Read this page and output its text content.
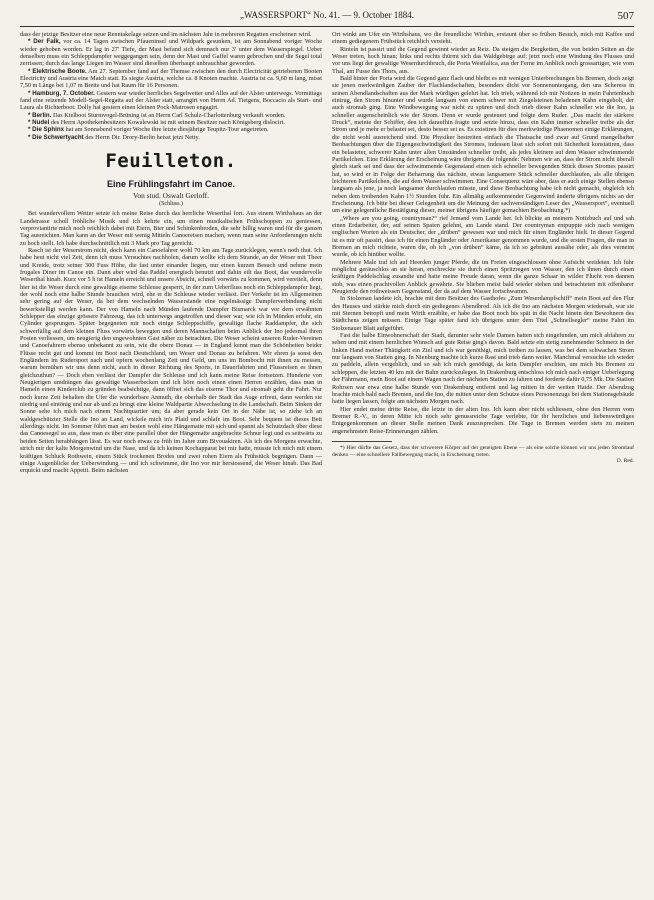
„WASSERSPORT“ No. 41. — 9. October 1884.	507

dass der jetzige Besitzer eine neue Renntakelage setzen und im nächsten Jahr in mehreren Regatten erscheinen wird.

* Der Falk, vor ca. 14 Tagen zwischen Pfaueninsel und Wildpark gesunken, ist am Sonnabend voriger Woche wieder gehoben worden. Er lag in 27′ Tiefe, der Mast befand sich demnach nur 3′ unter dem Wasserspiegel. Ueber denselben muss ein Schleppdampfer weggegangen sein, denn der Mast und Gaffel waren gebrochen und die Segel total zerrissen; durch das lange Liegen im Wasser sind dieselben überhaupt unbrauchbar geworden.

* Elektrische Boote. Am 27. September fand auf der Themse zwischen den durch Electricität getriebenen Booten Electricity und Austria eine Match statt. Es siegte Austria, welche ca. 8 Knoten machte. Austria ist ca. 9,60 m lang, misst 7,50 m Länge bei 1,07 m Breite und hat Raum für 16 Personen.

* Hamburg, 7. October. Gestern war wieder herrliches Segelwetter und Alles auf der Alster unterwegs. Vormittags fand eine reizende Modell-Segel-Regatta auf der Alster statt, arrangirt von Herrn Ad. Tietgens, Boccacio als Start- und Laura als Richterboot. Dolly hat gestern einen kleinen Pock-Matrosen engagirt.

* Berlin. Das Kielboot Sturmvogel-Brüning ist an Herrn Carl Schulz-Charlottenburg verkauft worden.

* Nudel des Herrn Apothekenbesitzers Kowalewski ist mit seinem Besitzer nach Königsberg dislocirt.

* Die Sphinx hat am Sonnabend voriger Woche ihre letzte diesjährige Teupitz-Tour angetreten.

* Die Schwertyacht des Herrn Dir. Drory-Berlin heisst jetzt Netty.

Feuilleton.
Eine Frühlingsfahrt im Canoe.
Von stud. Oswalt Gerloff.
(Schluss.)

Bei wundervollem Wetter setzte ich meine Reise durch das herrliche Weserthal fort. Aus einem Wirthshaus an der Landstrasse scholl fröhliche Musik und ich kehrte ein, um einen musikalischen Frühschoppen zu geniessen, verproviantirte mich noch reichlich dabei mit Eiern, Bier und Schinkenbroden, die sehr billig waren und für die ganzen Tag ausreichten. Man kann an der Weser mit wenig Mitteln Canoereisen machen, wenn man seine Anforderungen nicht zu hoch stellt. Ich habe durchschnittlich mit 3 Mark pro Tag gereicht.

Rasch ist der Weserstrom nicht, doch kann ein Canoefahrer wohl 70 km am Tage zurücklegen, wenn's noth thut. Ich habe heut nicht viel Zeit, denn ich muss Versuchtes nachholen, darum wollte ich dem Strande, an der Weser mit Theer und Kreide, trotz seiner 300 Fuss Höhe, die fast unter einander liegen, nur einen kurzen Besuch und nehme mein frugales Diner im Canoe ein. Dann aber wird das Paddel energisch benutzt und dahin eilt das Boot, das wundervolle Weserthal hinab. Kurz vor 5 h ist Hameln erreicht und unsere Absicht, schnell vorwärts zu kommen, wird vereitelt, denn hier ist die Weser durch eine gewaltige eiserne Schleuse gesperrt, in der zum Ueberfluss noch ein Schleppdampfer liegt, der wohl noch eine halbe Stunde brauchen wird, ehe er die Schleuse wieder verlässt. Der Verkehr ist im Allgemeinen sehr gering auf der Weser, da bei dem wechselnden Wasserstande eine regelmässige Dampferverbindung nicht bewerkstelligt werden kann. Der von Hameln nach Münden laufende Dampfer Bismarck war vor dem erwähnten Schlepper das einzige grössere Fahrzeug, das ich unterwegs angetroffen und dieser war, wie ich in Münden erfuhr, ein Cylinder gesprungen. Später begegneten mir noch einige Schleppschiffe, gewaltige flache Raddampfer, die sich schwerfällig auf dem kleinen Fluss vorwärts bewegten und deren Mannschaften beim Anblick der Ino jedesmal ihren Posten verliessen, um neugierig den ungewohnten Gast näher zu betrachten. Die Weser scheint unseren Ruder-Vereinen und Canoefahrern ebenso unbekannt zu sein, wie die obere Donau — in England kennt man die Schönheiten beider Flüsse recht gut und kommt im Boot nach Deutschland, um Weser und Donau zu befahren. Wir ehren ja sonst den Engländern im Rudersport nach und opfern wochenlang Zeit und Geld, um uns im Bombocht mit ihnen zu messen, warum bemühen wir uns denn nicht, auch in dieser Richtung des Sports, in Dauerfahrten und Flussreisen es ihnen gleichzuthun? — Doch eben verlässt der Dampfer die Schleuse und ich kann meine Reise fortsetzen. Hunderte von Neugierigen umdrängen das gewaltige Wasserbecken und ich höre noch einen einen Herren erzählen, dass man in Hameln einen Kinderclub zu gründen beabsichtige, dann öffnet sich das eiserne Thor und stromab geht die Fahrt. Nur noch kurze Zeit behalten die Ufer die wunderbare Anmuth, die oberhalb der Stadt das Auge erfreut, dann werden sie niedrig und eintönig und nur ab und zu bringt eine kleine Waldpartie Abwechselung in die Landschaft. Beim Sinken der Sonne sehe ich mich nach einem Nachtquartier um; da aber gerade kein Ort in der Nähe ist, so ziehe ich an waldgeschützter Stelle die Ino an Land, wickele mich in's Plaid und schlafe im Boot. Sehr bequem ist dieses Bett allerdings nicht. Im Sommer führt man am besten wohl eine Hängematte mit sich und spannt als Schutzdach über diese das Canoesegel so aus, dass man es über eine parallel über der Hängematte angebrachte Schnur legt und es seitwärts zu beiden Seiten herabhängen lässt. Es war noch etwas zu früh im Jahre zum Bivouakiren. Als ich des Morgens erwachte, strich mir der kalte Morgenwind um die Nase, und da ich keinen Kochapparat bei mir hatte, musste ich mich mit einem kräftigen Schluck Rothwein, einem Stück trockenen Brodes und zwei rohen Eiern als Frühstück begnügen. Dann — einige Augenblicke der Ueberwindung — und ich schwimme, die Ino vor mir herstossend, die Weser hinab. Das Bad erquickt und macht Appetit. Beim nächsten

Ort winkt am Ufer ein Wirthshaus, wo die freundliche Wirthin, erstaunt über so frühen Besuch, mich mit Kaffee und einem gediegenem Frühstück reichlich versieht.

Rinteln ist passirt und die Gegend gewinnt wieder an Reiz. Da steigen die Bergketten, die von beiden Seiten an die Weser treten, hoch hinan; links und rechts thürmt sich das Waldgebirge auf; jetzt noch eine Windung des Flusses und vor uns liegt der gewaltige Weserdurchbruch, die Porta Westfalica, aus der Ferne im Anblick noch grossartiger, wie vom Thal, am Fusse des Thors, aus.

Bald hinter der Porta wird die Gegend ganz flach und bleibt es mit wenigen Unterbrechungen bis Bremen, doch zeigt sie jenen merkwürdigen Zauber der Flachlandschaften, besonders dicht vor Sonnenuntergang, den uns Scheress in seinen Abendlandschaften aus der Mark würdigen gelehrt hat. Ich trieb, während ich mir Notizen in mein Fahrtenbuch eintrug, den Strom hinunter und wurde langsam von einem schwer mit Ziegelsteinen beladenen Kahn eingeholt, der auch stromab ging. Eine Windbewegung war nicht zu spüren und doch trieb dieser Kahn schneller wie die Ino, ja schneller augenscheinlich wie der Strom. Denn er wurde gesteuert und folgte dem Ruder. „Das macht der stärkere Druck“, meinte der Schiffer, den ich daraufhin fragte und setzte hinzu, dass ein Kahn immer schneller treibe als der Strom und je mehr er belastet sei, desto besser sei es. Es existiren für dies merkwürdige Phaenomen einige Erklärungen, die nicht wohl ausreichend sind. Die Physiker bestreiten einfach die Thatsache und zwar auf Grund mangelhafter Beobachtungen über die Eigengeschwindigkeit des Stromes, indessen lässt sich sofort mit Sicherheit konstatiren, dass ein belasteter, schwerer Kahn unter allen Umständen schneller treibt, als jedes kleinere auf dem Wasser schwimmende Partikelchen. Eine Erklärung der Erscheinung wäre übrigens die folgende: Nehmen wir an, dass der Strom nicht überall gleich stark sei und dass der schwimmende Gegenstand einen sich schneller bewegenden Stück dieses Stromes passirt hat, so wird er in Folge der Beharrung das nächste, etwas langsamere Stück schneller durchlaufen, als alle übrigen leichteren Partikelchen, die auf dem Wasser schwimmen. Eine Consequenz wäre aber, dass er auch einige Stellen ebenso langsam als jene, ja noch langsamer durchlaufen müsste, und diese Beobachtung habe ich nicht gemacht, obgleich ich neben dem treibenden Kahn 1½ Stunden fuhr. Ein allmälig aufkommender Gegenwind änderte übrigens nichts an der Erscheinung. Ich bitte bei dieser Gelegenheit um die Meinung der sachverständigen Leser des „Wassersport“, eventuell um eine gelegentliche Bestätigung dieser, meiner übrigens häufiger gemachten Beobachtung.*)

„Where are you going, countryman?“ rief Jemand vom Lande her. Ich blickte an meinem Notizbuch auf und sah einen Erdarbeiter, der, auf seinen Spaten gelehnt, am Lande stand. Der countryman entpuppte sich nach wenigen englischen Worten als ein Deutscher, der „drüben“ gewesen war und mich für einen Engländer hielt. In dieser Gegend ist es mir oft passirt, dass ich für einen Engländer oder Amerikaner genommen wurde, und die ersten Fragen, die man in Bremen an mich richtete, waren die, ob ich „von drüben“ käme, da ich so gebräunt aussähe oder, als dies verneint wurde, ob ich hinüber wollte.

Mehrere Male traf ich auf Heerden junger Pferde, die im Freien eingeschlossen ohne Aufsicht weideten. Ich fuhr möglichst geräuschlos an sie heran, erschreckte sie durch einen Spritzregen von Wasser, den ich ihnen durch einen kräftigen Paddelschlag zusandte und hatte meine Freude daran, wenn die ganze Schaar in wilder Flucht von dannen stob, was einen prachtvollen Anblick gewährte. Sie blieben meist bald wieder stehen und betrachteten mit offenbarer Neugierde den rothweissen Gegenstand, der da auf dem Wasser fortschwamm.

In Stolzenau landete ich, brachte mit dem Besitzer des Gasthofes „Zum Weserdampfschiff“ mein Boot auf den Flur des Hauses und stärkte mich durch ein gediegenes Abendbrod. Als ich die Ino am nächsten Morgen wiedersah, war sie mit Sternen betropft und mein Wirth erzählte, er habe das Boot noch bis spät in die Nacht hinein den Bewohnern des Städtchens zeigen müssen. Einige Tage später fand ich übrigens unter dem Titel „Schnellsegler“ meine Fahrt im Stolzenauer Blatt aufgeführt.

Fast die halbe Einwohnerschaft der Stadt, darunter sehr viele Damen hatten sich eingefunden, um mich abfahren zu sehen und mit einem herzlichen Wunsch auf gute Reise ging's davon. Bald setzte ein stetig zunehmender Schmerz in der linken Hand meiner Thätigkeit ein Ziel und ich war genöthigt, mich treiben zu lassen, was bei dem schwachen Strom nur langsam von Statten ging. In Nienburg machte ich kurze Rast und trieb dann weiter. Manchmal versuchte ich wieder zu paddeln, allein vergeblich, und so sah ich mich genöthigt, da kein Dampfer erschien, um mich bis Bremen zu schleppen, die letzten 40 km mit der Bahn zurückzulegen. In Drakenburg entschloss ich mich nach einiger Ueberlegung der Fährmann, mein Boot auf einem Wagen nach der nächsten Station zu fahren und forderte dafür 0,75 Mk. Die Station Rohrsen war etwa eine halbe Stunde von Drakenburg entfernt und lag mitten in der weiten Haide. Der Abendzug brachte mich bald nach Bremen, und die Ino, die mitten unter dem Schutze eines Personenzugs bei dem Stationsgebäude hatte liegen lassen, folgte am nächsten Morgen nach.

Hier endet meine dritte Reise, die letzte in der alten Ino. Ich kann aber nicht schliessen, ohne den Herren vom Bremer R.-V., in deren Mitte ich noch sehr genussreiche Tage verlebte, für ihr herzliches und liebenswürdiges Entgegenkommen an dieser Stelle meinen Dank auszusprechen. Die Tage in Bremen werden stets zu meinen angenehmsten Reise-Erinnerungen zählen.

*) Hier dürfte das Gesetz, dass der schwerere Körper auf der geneigten Ebene — als eine solche können wir uns jeden Stromlauf denken — eine schnellere Fallbewegung macht, in Erscheinung treten.

D. Red.
